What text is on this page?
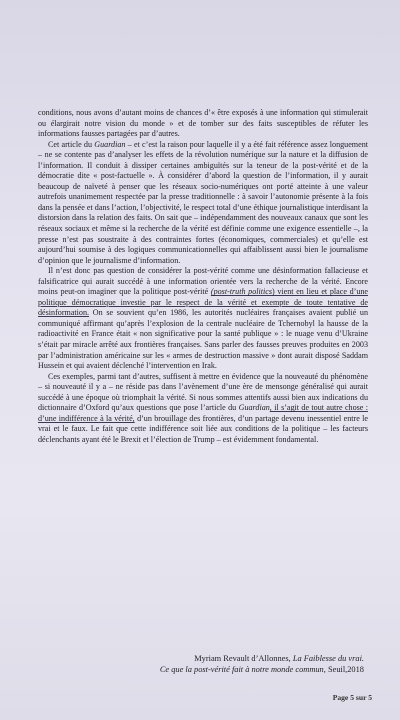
conditions, nous avons d’autant moins de chances d’« être exposés à une information qui stimulerait ou élargirait notre vision du monde » et de tomber sur des faits susceptibles de réfuter les informations fausses partagées par d’autres.

Cet article du Guardian – et c’est la raison pour laquelle il y a été fait référence assez longuement – ne se contente pas d’analyser les effets de la révolution numérique sur la nature et la diffusion de l’information. Il conduit à dissiper certaines ambiguïtés sur la teneur de la post-vérité et de la démocratie dite « post-factuelle ». À considérer d’abord la question de l’information, il y aurait beaucoup de naïveté à penser que les réseaux socio-numériques ont porté atteinte à une valeur autrefois unanimement respectée par la presse traditionnelle : à savoir l’autonomie présente à la fois dans la pensée et dans l’action, l’objectivité, le respect total d’une éthique journalistique interdisant la distorsion dans la relation des faits. On sait que – indépendamment des nouveaux canaux que sont les réseaux sociaux et même si la recherche de la vérité est définie comme une exigence essentielle –, la presse n’est pas soustraite à des contraintes fortes (économiques, commerciales) et qu’elle est aujourd’hui soumise à des logiques communicationnelles qui affaiblissent aussi bien le journalisme d’opinion que le journalisme d’information.

Il n’est donc pas question de considérer la post-vérité comme une désinformation fallacieuse et falsificatrice qui aurait succédé à une information orientée vers la recherche de la vérité. Encore moins peut-on imaginer que la politique post-vérité (post-truth politics) vient en lieu et place d’une politique démocratique investie par le respect de la vérité et exempte de toute tentative de désinformation. On se souvient qu’en 1986, les autorités nucléaires françaises avaient publié un communiqué affirmant qu’après l’explosion de la centrale nucléaire de Tchernobyl la hausse de la radioactivité en France était « non significative pour la santé publique » : le nuage venu d’Ukraine s’était par miracle arrêté aux frontières françaises. Sans parler des fausses preuves produites en 2003 par l’administration américaine sur les « armes de destruction massive » dont aurait disposé Saddam Hussein et qui avaient déclenché l’intervention en Irak.

Ces exemples, parmi tant d’autres, suffisent à mettre en évidence que la nouveauté du phénomène – si nouveauté il y a – ne réside pas dans l’avènement d’une ère de mensonge généralisé qui aurait succédé à une époque où triomphait la vérité. Si nous sommes attentifs aussi bien aux indications du dictionnaire d’Oxford qu’aux questions que pose l’article du Guardian, il s’agit de tout autre chose : d’une indifférence à la vérité, d’un brouillage des frontières, d’un partage devenu inessentiel entre le vrai et le faux. Le fait que cette indifférence soit liée aux conditions de la politique – les facteurs déclenchants ayant été le Brexit et l’élection de Trump – est évidemment fondamental.

Myriam Revault d’Allonnes, La Faiblesse du vrai.
Ce que la post-vérité fait à notre monde commun, Seuil,2018
Page 5 sur 5
